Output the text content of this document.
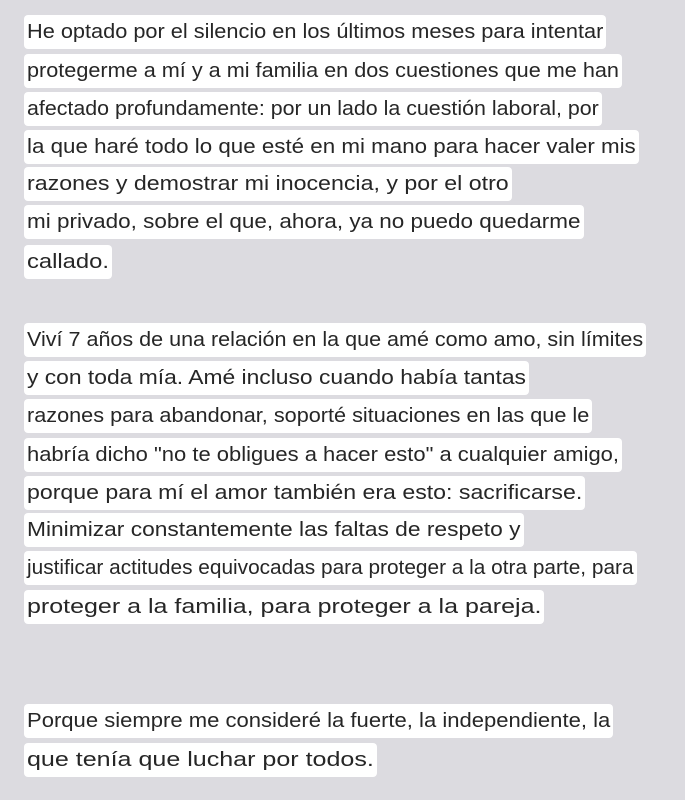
He optado por el silencio en los últimos meses para intentar
protegerme a mí y a mi familia en dos cuestiones que me han
afectado profundamente: por un lado la cuestión laboral, por
la que haré todo lo que esté en mi mano para hacer valer mis
razones y demostrar mi inocencia, y por el otro
mi privado, sobre el que, ahora, ya no puedo quedarme
callado.
Viví 7 años de una relación en la que amé como amo, sin límites
y con toda mía. Amé incluso cuando había tantas
razones para abandonar, soporté situaciones en las que le
habría dicho "no te obligues a hacer esto" a cualquier amigo,
porque para mí el amor también era esto: sacrificarse.
Minimizar constantemente las faltas de respeto y
justificar actitudes equivocadas para proteger a la otra parte, para
proteger a la familia, para proteger a la pareja.
Porque siempre me consideré la fuerte, la independiente, la
que tenía que luchar por todos.
